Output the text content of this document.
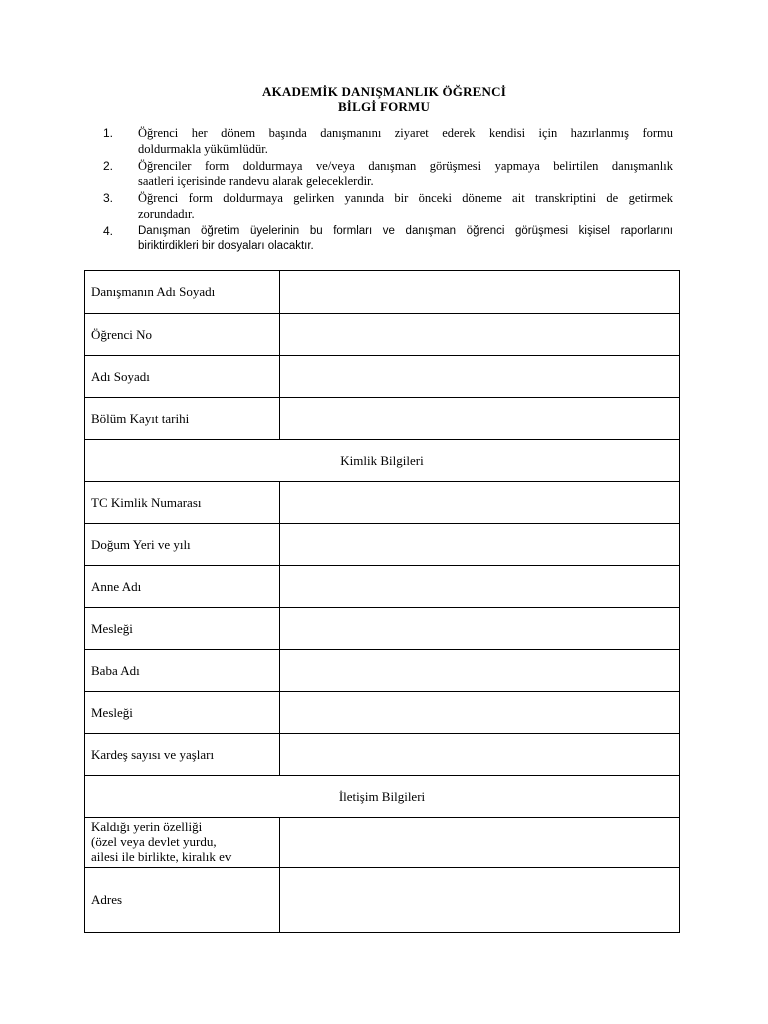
AKADEMİK DANIŞMANLIK ÖĞRENCİ
BİLGİ FORMU
1.	Öğrenci her dönem başında danışmanını ziyaret ederek kendisi için hazırlanmış formu
doldurmakla yükümlüdür.
2.	Öğrenciler form doldurmaya ve/veya danışman görüşmesi yapmaya belirtilen danışmanlık
saatleri içerisinde randevu alarak geleceklerdir.
3.	Öğrenci form doldurmaya gelirken yanında bir önceki döneme ait transkriptini de getirmek
zorundadır.
4.	Danışman öğretim üyelerinin bu formları ve danışman öğrenci görüşmesi kişisel raporlarını
biriktirdikleri bir dosyaları olacaktır.
Danışmanın Adı Soyadı	
Öğrenci No	
Adı Soyadı	
Bölüm Kayıt tarihi	
Kimlik Bilgileri	
TC Kimlik Numarası	
Doğum Yeri ve yılı	
Anne Adı	
Mesleği	
Baba Adı	
Mesleği	
Kardeş sayısı ve yaşları	
İletişim Bilgileri	

Kaldığı yerin özelliği
(özel veya devlet yurdu,
ailesi ile birlikte, kiralık ev	

Adres	
